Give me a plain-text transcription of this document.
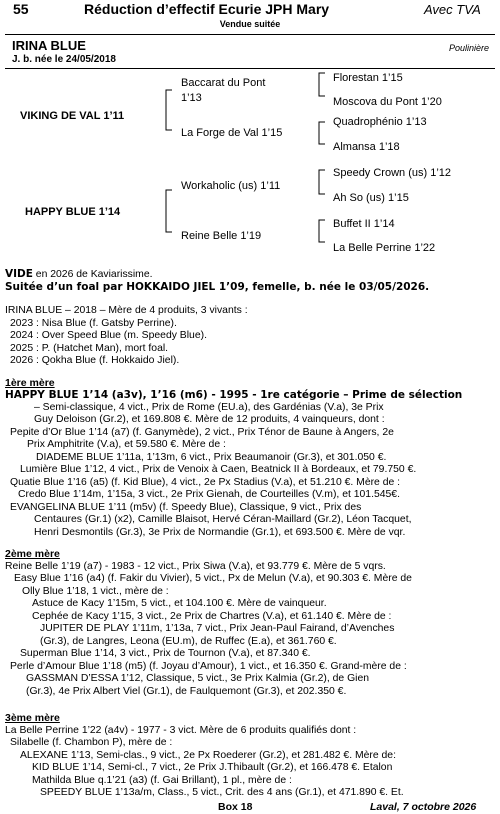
55	Réduction d’effectif Ecurie JPH Mary	Avec TVA
Vendue suitée
IRINA BLUE
J. b. née le 24/05/2018
Poulinière
VIKING DE VAL 1’11
HAPPY BLUE 1’14
Baccarat du Pont
1’13
La Forge de Val 1’15
Workaholic (us) 1’11
Reine Belle 1’19
Florestan 1’15
Moscova du Pont 1’20
Quadrophénio 1’13
Almansa 1’18
Speedy Crown (us) 1’12
Ah So (us) 1’15
Buffet II 1’14
La Belle Perrine 1’22
VIDE en 2026 de Kaviarissime.
Suitée d’un foal par HOKKAIDO JIEL 1’09, femelle, b. née le 03/05/2026.
IRINA BLUE – 2018 – Mère de 4 produits, 3 vivants :
2023 : Nisa Blue (f. Gatsby Perrine).
2024 : Over Speed Blue (m. Speedy Blue).
2025 : P. (Hatchet Man), mort foal.
2026 : Qokha Blue (f. Hokkaido Jiel).
1ère mère
HAPPY BLUE 1’14 (a3v), 1’16 (m6) - 1995 - 1re catégorie – Prime de sélection
– Semi-classique, 4 vict., Prix de Rome (EU.a), des Gardénias (V.a), 3e Prix
Guy Deloison (Gr.2), et 169.808 €. Mère de 12 produits, 4 vainqueurs, dont :
Pepite d’Or Blue 1’14 (a7) (f. Ganymède), 2 vict., Prix Ténor de Baune à Angers, 2e
Prix Amphitrite (V.a), et 59.580 €. Mère de :
DIADEME BLUE 1’11a, 1’13m, 6 vict., Prix Beaumanoir (Gr.3), et 301.050 €.
Lumière Blue 1’12, 4 vict., Prix de Venoix à Caen, Beatnick II à Bordeaux, et 79.750 €.
Quatie Blue 1’16 (a5) (f. Kid Blue), 4 vict., 2e Px Stadius (V.a), et 51.210 €. Mère de :
Credo Blue 1’14m, 1’15a, 3 vict., 2e Prix Gienah, de Courteilles (V.m), et 101.545€.
EVANGELINA BLUE 1’11 (m5v) (f. Speedy Blue), Classique, 9 vict., Prix des
Centaures (Gr.1) (x2), Camille Blaisot, Hervé Céran-Maillard (Gr.2), Léon Tacquet,
Henri Desmontils (Gr.3), 3e Prix de Normandie (Gr.1), et 693.500 €. Mère de vqr.
2ème mère
Reine Belle 1’19 (a7) - 1983 - 12 vict., Prix Siwa (V.a), et 93.779 €. Mère de 5 vqrs.
Easy Blue 1’16 (a4) (f. Fakir du Vivier), 5 vict., Px de Melun (V.a), et 90.303 €. Mère de
Olly Blue 1’18, 1 vict., mère de :
Astuce de Kacy 1’15m, 5 vict., et 104.100 €. Mère de vainqueur.
Cephée de Kacy 1’15, 3 vict., 2e Prix de Chartres (V.a), et 61.140 €. Mère de :
JUPITER DE PLAY 1’11m, 1’13a, 7 vict., Prix Jean-Paul Fairand, d’Avenches
(Gr.3), de Langres, Leona (EU.m), de Ruffec (E.a), et 361.760 €.
Superman Blue 1’14, 3 vict., Prix de Tournon (V.a), et 87.340 €.
Perle d’Amour Blue 1’18 (m5) (f. Joyau d’Amour), 1 vict., et 16.350 €. Grand-mère de :
GASSMAN D’ESSA 1’12, Classique, 5 vict., 3e Prix Kalmia (Gr.2), de Gien
(Gr.3), 4e Prix Albert Viel (Gr.1), de Faulquemont (Gr.3), et 202.350 €.
3ème mère
La Belle Perrine 1’22 (a4v) - 1977 - 3 vict. Mère de 6 produits qualifiés dont :
Silabelle (f. Chambon P), mère de :
ALEXANE 1’13, Semi-clas., 9 vict., 2e Px Roederer (Gr.2), et 281.482 €. Mère de:
KID BLUE 1’14, Semi-cl., 7 vict., 2e Prix J.Thibault (Gr.2), et 166.478 €. Etalon
Mathilda Blue q.1’21 (a3) (f. Gai Brillant), 1 pl., mère de :
SPEEDY BLUE 1’13a/m, Class., 5 vict., Crit. des 4 ans (Gr.1), et 471.890 €. Et.
Box 18	Laval, 7 octobre 2026
